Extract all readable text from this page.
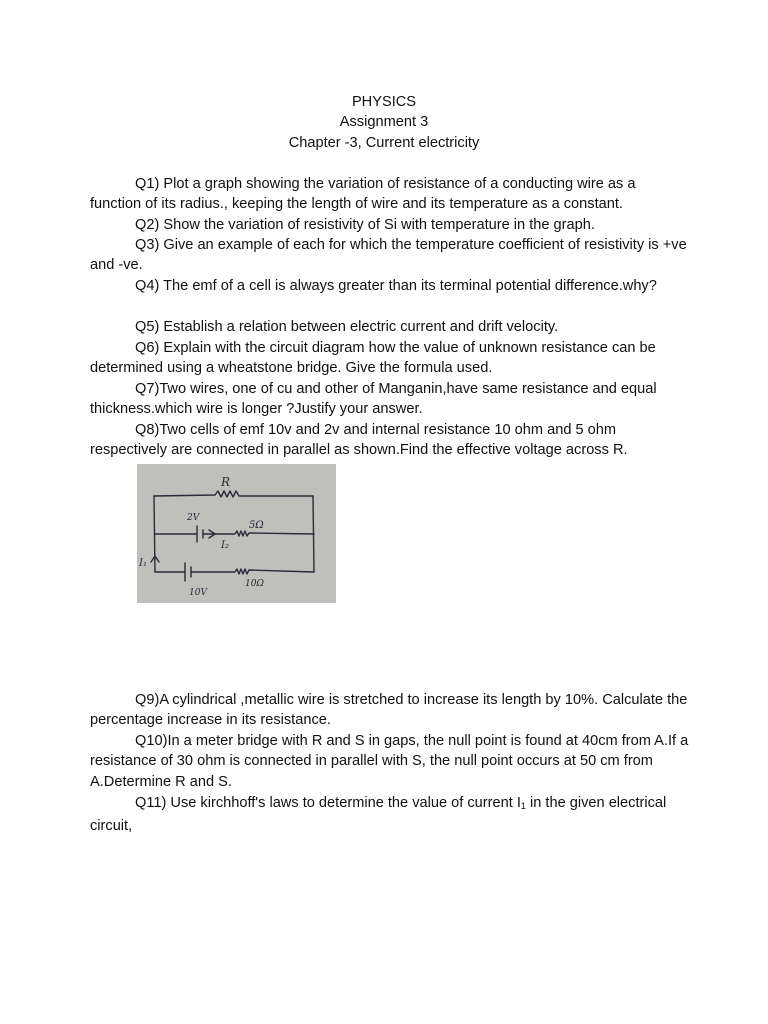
PHYSICS
Assignment 3
Chapter -3, Current electricity
Q1) Plot a graph showing the variation of resistance of a conducting wire as a function of its radius., keeping the length of wire and its temperature as a constant.
Q2) Show the variation of resistivity of Si with temperature in the graph.
Q3) Give an example of each for which the temperature coefficient of resistivity is +ve and -ve.
Q4) The emf of a cell is always greater than its terminal potential difference.why?
Q5) Establish a relation between electric current and drift velocity.
Q6) Explain with the circuit diagram how the value of unknown resistance can be determined using a wheatstone bridge. Give the formula used.
Q7)Two wires, one of cu and other of Manganin,have same resistance and equal thickness.which wire is longer ?Justify your answer.
Q8)Two cells of emf 10v and 2v and internal resistance 10 ohm and 5 ohm respectively are connected in parallel as shown.Find the effective voltage across R.
R
2V
5Ω
I₂
I₁
10V
10Ω
Q9)A cylindrical ,metallic wire is stretched to increase its length by 10%. Calculate the percentage increase in its resistance.
Q10)In a meter bridge with R and S in gaps, the null point is found at 40cm from A.If a resistance of 30 ohm is connected in parallel with S, the null point occurs at 50 cm from A.Determine R and S.
Q11) Use kirchhoff's laws to determine the value of current $I_1$ in the given electrical circuit,
